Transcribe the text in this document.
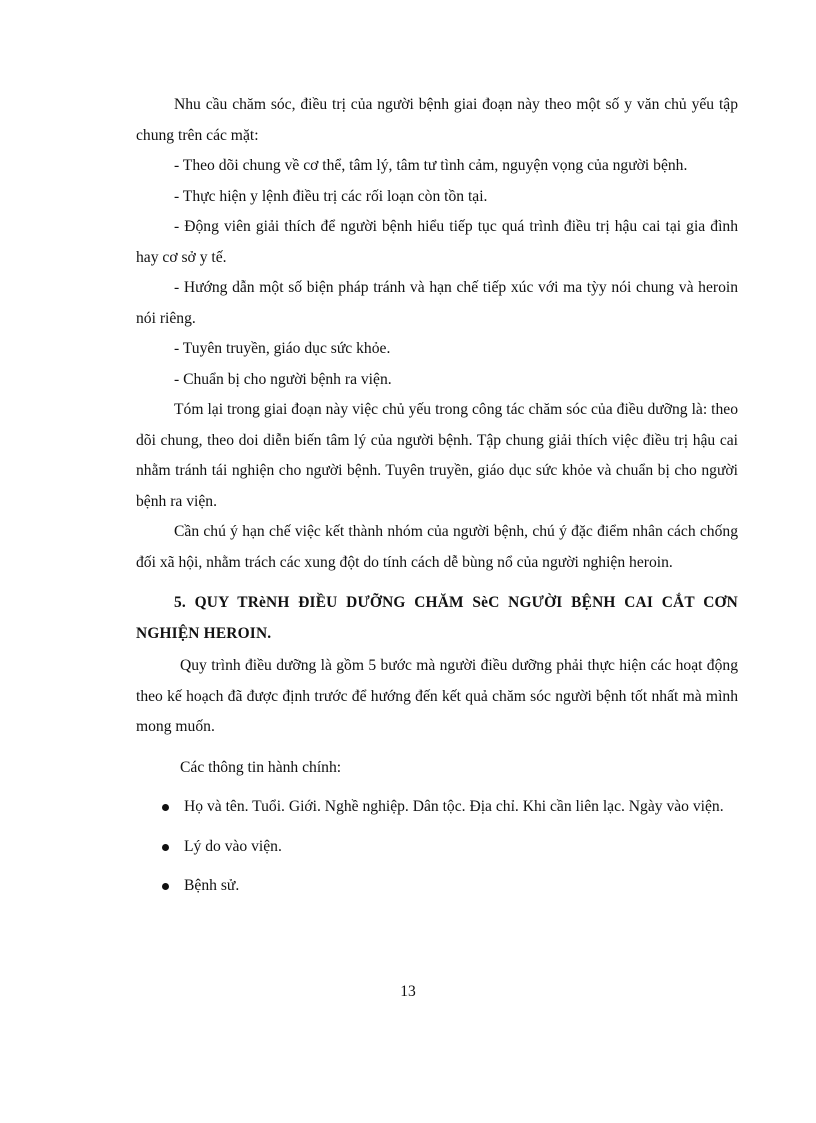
Nhu cầu chăm sóc, điều trị của người bệnh giai đoạn này theo một số y văn chủ yếu tập chung trên các mặt:

- Theo dõi chung về cơ thể, tâm lý, tâm tư tình cảm, nguyện vọng của người bệnh.

- Thực hiện y lệnh điều trị các rối loạn còn tồn tại.

- Động viên giải thích để người bệnh hiểu tiếp tục quá trình điều trị hậu cai tại gia đình hay cơ sở y tế.

- Hướng dẫn một số biện pháp tránh và hạn chế tiếp xúc với ma tỳy nói chung và heroin nói riêng.

- Tuyên truyền, giáo dục sức khỏe.

- Chuẩn bị cho người bệnh ra viện.

Tóm lại trong giai đoạn này việc chủ yếu trong công tác chăm sóc của điều dưỡng là: theo dõi chung, theo doi diễn biến tâm lý của người bệnh. Tập chung giải thích việc điều trị hậu cai nhằm tránh tái nghiện cho người bệnh. Tuyên truyền, giáo dục sức khỏe và chuẩn bị cho người bệnh ra viện.

Cần chú ý hạn chế việc kết thành nhóm của người bệnh, chú ý đặc điểm nhân cách chống đối xã hội, nhằm trách các xung đột do tính cách dễ bùng nổ của người nghiện heroin.

5. QUY TRèNH ĐIỀU DƯỠNG CHĂM SèC NGƯỜI BỆNH CAI CẮT CƠN NGHIỆN HEROIN.

Quy trình điều dưỡng là gồm 5 bước mà người điều dưỡng phải thực hiện các hoạt động theo kế hoạch đã được định trước để hướng đến kết quả chăm sóc người bệnh tốt nhất mà mình mong muốn.

Các thông tin hành chính:

Họ và tên. Tuổi. Giới. Nghề nghiệp. Dân tộc. Địa chỉ. Khi cần liên lạc. Ngày vào viện.
Lý do vào viện.
Bệnh sử.
13
